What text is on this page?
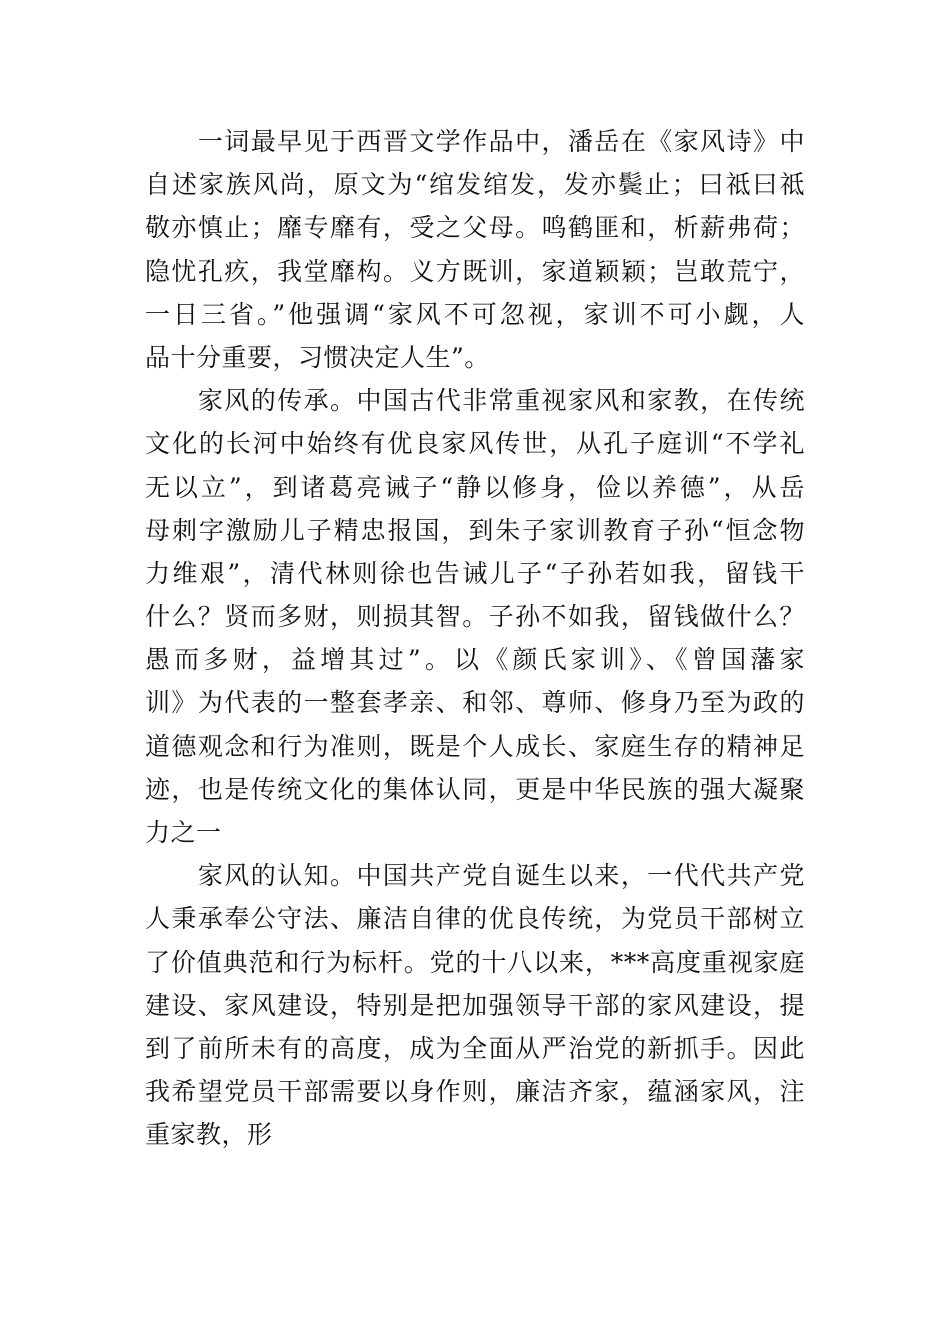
　　一词最早见于西晋文学作品中，潘岳在《家风诗》中
自述家族风尚，原文为“绾发绾发，发亦鬓止；曰祗曰祗
敬亦慎止；靡专靡有，受之父母。鸣鹤匪和，析薪弗荷；
隐忧孔疚，我堂靡构。义方既训，家道颖颖；岂敢荒宁，
一日三省。”他强调“家风不可忽视，家训不可小觑，人
品十分重要，习惯决定人生”。
　　家风的传承。中国古代非常重视家风和家教，在传统
文化的长河中始终有优良家风传世，从孔子庭训“不学礼
无以立”，到诸葛亮诫子“静以修身，俭以养德”，从岳
母刺字激励儿子精忠报国，到朱子家训教育子孙“恒念物
力维艰”，清代林则徐也告诫儿子“子孙若如我，留钱干
什么？贤而多财，则损其智。子孙不如我，留钱做什么？
愚而多财，益增其过”。以《颜氏家训》、《曾国藩家
训》为代表的一整套孝亲、和邻、尊师、修身乃至为政的
道德观念和行为准则，既是个人成长、家庭生存的精神足
迹，也是传统文化的集体认同，更是中华民族的强大凝聚
力之一
　　家风的认知。中国共产党自诞生以来，一代代共产党
人秉承奉公守法、廉洁自律的优良传统，为党员干部树立
了价值典范和行为标杆。党的十八以来，***高度重视家庭
建设、家风建设，特别是把加强领导干部的家风建设，提
到了前所未有的高度，成为全面从严治党的新抓手。因此
我希望党员干部需要以身作则，廉洁齐家，蕴涵家风，注
重家教，形
